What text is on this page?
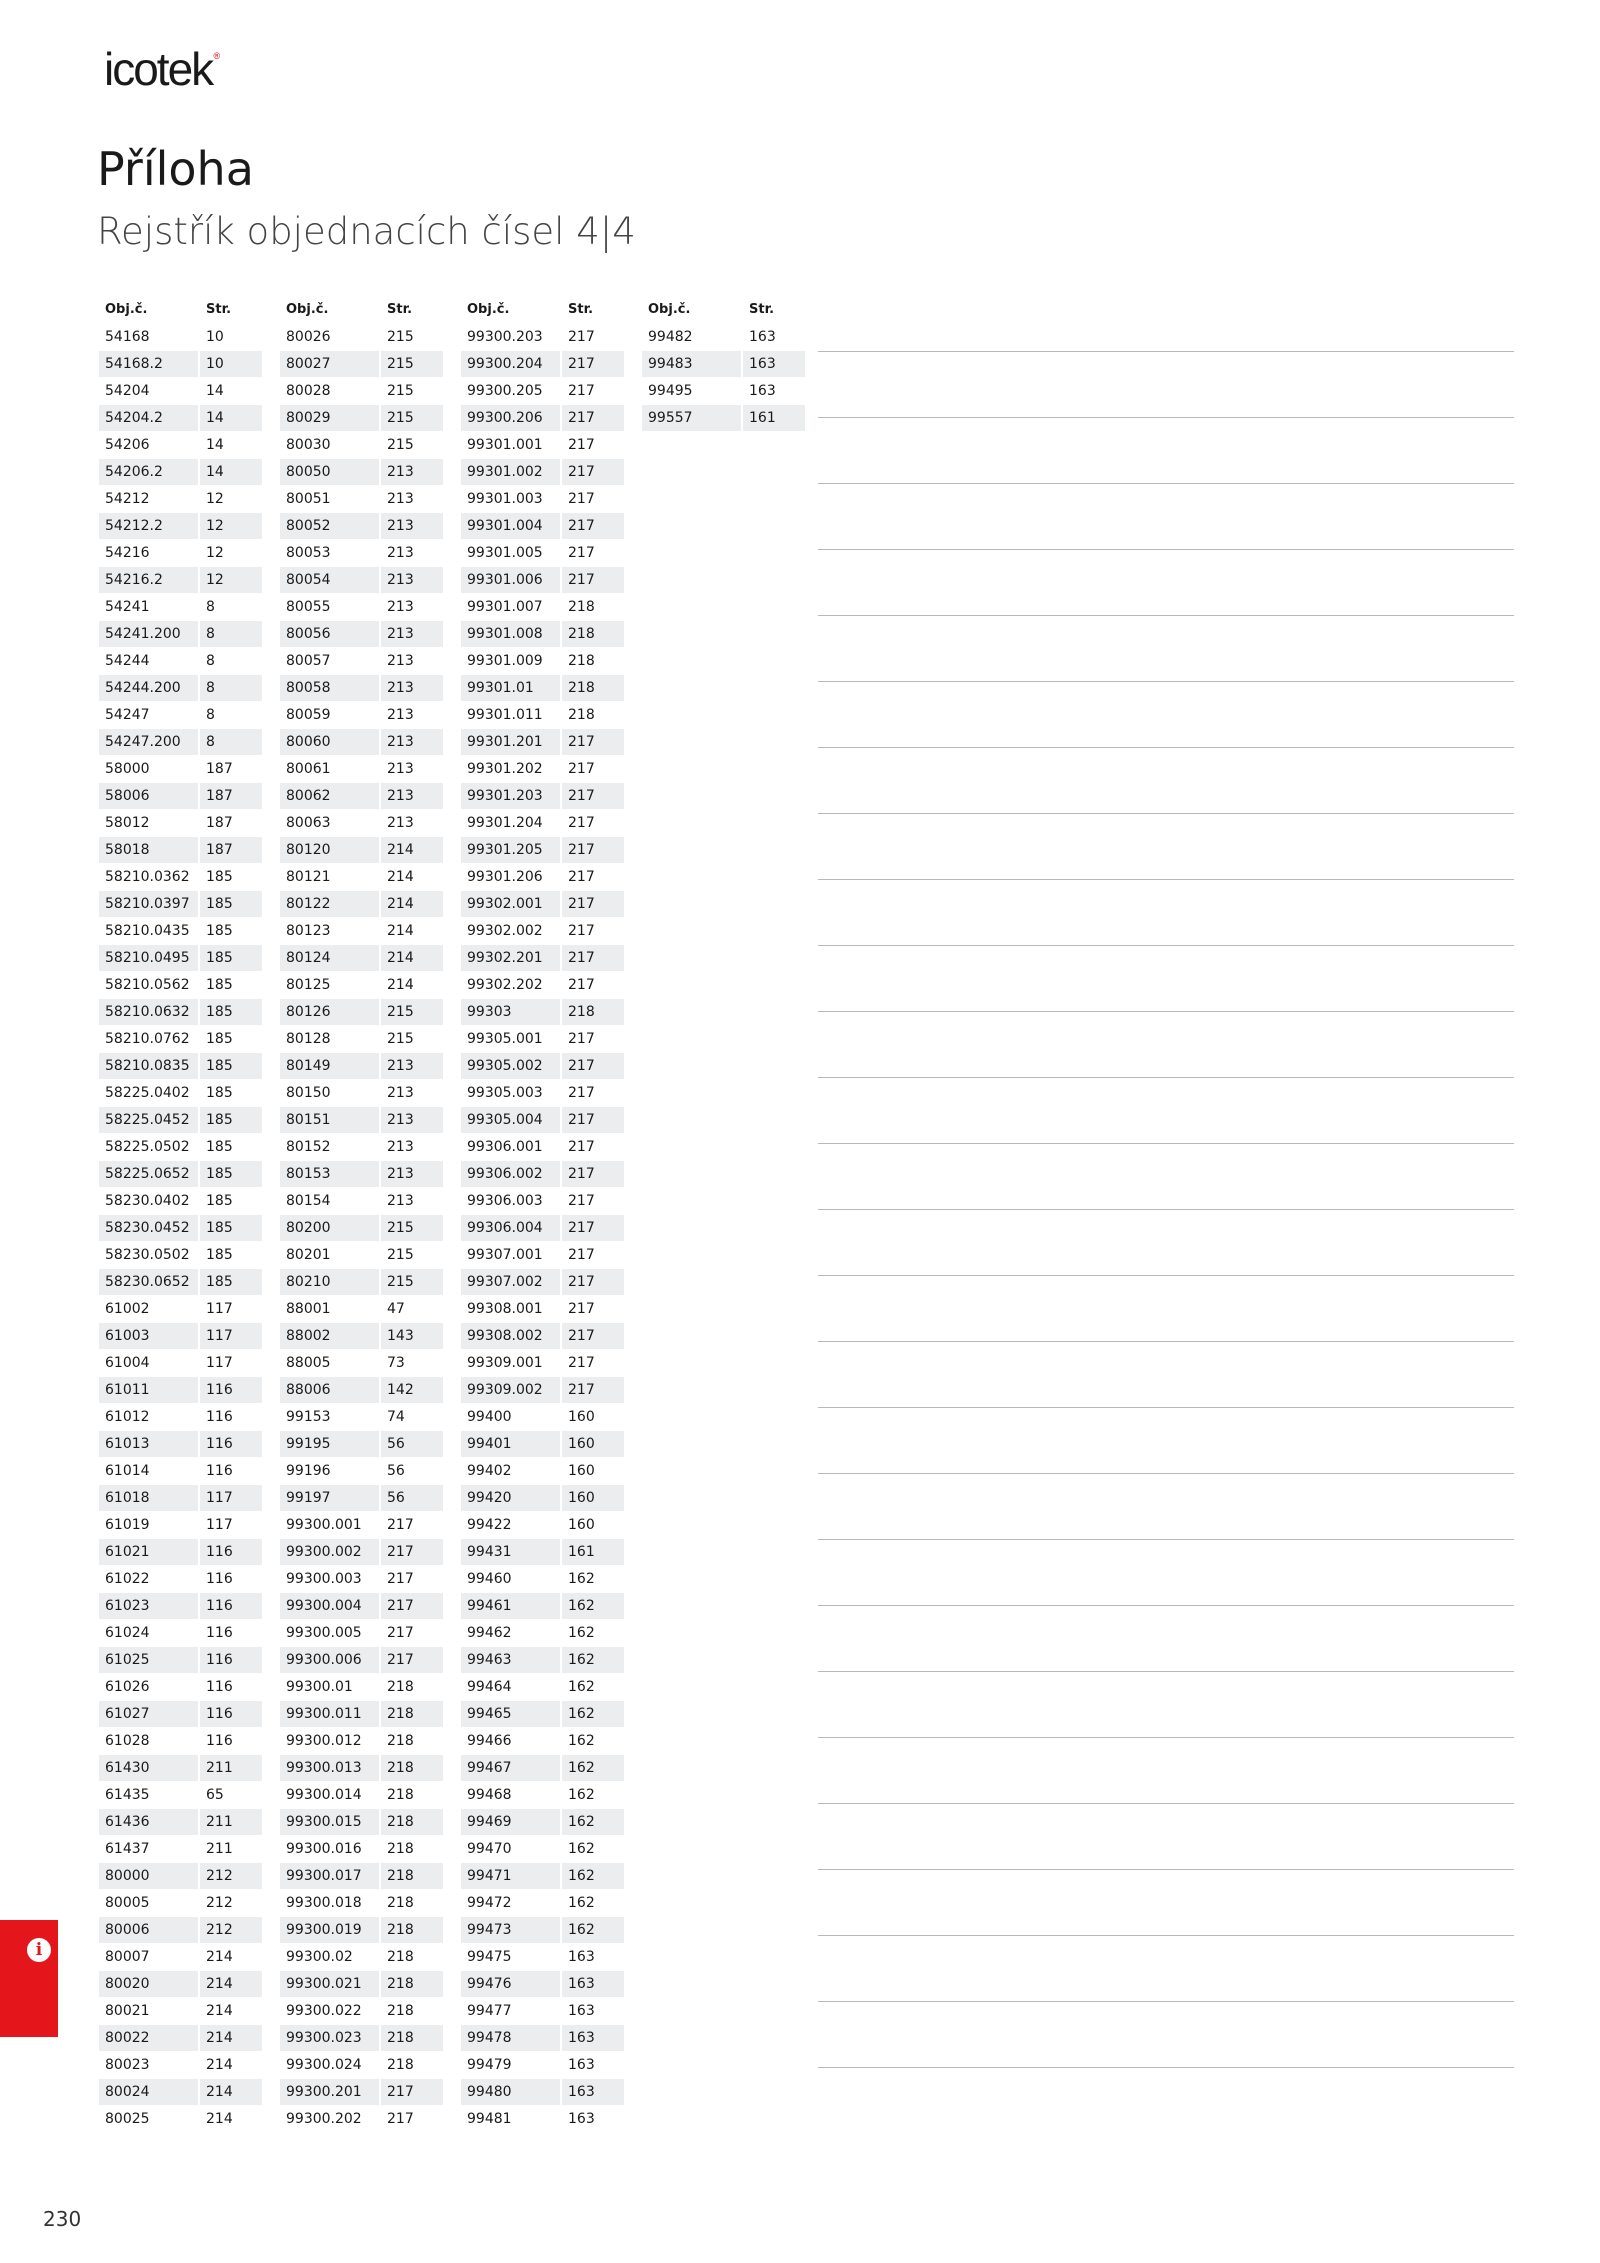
icotek ®
Příloha
Rejstřík objednacích čísel 4|4
Obj.č.	Str.
54168	10
54168.2	10
54204	14
54204.2	14
54206	14
54206.2	14
54212	12
54212.2	12
54216	12
54216.2	12
54241	8
54241.200	8
54244	8
54244.200	8
54247	8
54247.200	8
58000	187
58006	187
58012	187
58018	187
58210.0362	185
58210.0397	185
58210.0435	185
58210.0495	185
58210.0562	185
58210.0632	185
58210.0762	185
58210.0835	185
58225.0402	185
58225.0452	185
58225.0502	185
58225.0652	185
58230.0402	185
58230.0452	185
58230.0502	185
58230.0652	185
61002	117
61003	117
61004	117
61011	116
61012	116
61013	116
61014	116
61018	117
61019	117
61021	116
61022	116
61023	116
61024	116
61025	116
61026	116
61027	116
61028	116
61430	211
61435	65
61436	211
61437	211
80000	212
80005	212
80006	212
80007	214
80020	214
80021	214
80022	214
80023	214
80024	214
80025	214
Obj.č.	Str.
80026	215
80027	215
80028	215
80029	215
80030	215
80050	213
80051	213
80052	213
80053	213
80054	213
80055	213
80056	213
80057	213
80058	213
80059	213
80060	213
80061	213
80062	213
80063	213
80120	214
80121	214
80122	214
80123	214
80124	214
80125	214
80126	215
80128	215
80149	213
80150	213
80151	213
80152	213
80153	213
80154	213
80200	215
80201	215
80210	215
88001	47
88002	143
88005	73
88006	142
99153	74
99195	56
99196	56
99197	56
99300.001	217
99300.002	217
99300.003	217
99300.004	217
99300.005	217
99300.006	217
99300.01	218
99300.011	218
99300.012	218
99300.013	218
99300.014	218
99300.015	218
99300.016	218
99300.017	218
99300.018	218
99300.019	218
99300.02	218
99300.021	218
99300.022	218
99300.023	218
99300.024	218
99300.201	217
99300.202	217
Obj.č.	Str.
99300.203	217
99300.204	217
99300.205	217
99300.206	217
99301.001	217
99301.002	217
99301.003	217
99301.004	217
99301.005	217
99301.006	217
99301.007	218
99301.008	218
99301.009	218
99301.01	218
99301.011	218
99301.201	217
99301.202	217
99301.203	217
99301.204	217
99301.205	217
99301.206	217
99302.001	217
99302.002	217
99302.201	217
99302.202	217
99303	218
99305.001	217
99305.002	217
99305.003	217
99305.004	217
99306.001	217
99306.002	217
99306.003	217
99306.004	217
99307.001	217
99307.002	217
99308.001	217
99308.002	217
99309.001	217
99309.002	217
99400	160
99401	160
99402	160
99420	160
99422	160
99431	161
99460	162
99461	162
99462	162
99463	162
99464	162
99465	162
99466	162
99467	162
99468	162
99469	162
99470	162
99471	162
99472	162
99473	162
99475	163
99476	163
99477	163
99478	163
99479	163
99480	163
99481	163
Obj.č.	Str.
99482	163
99483	163
99495	163
99557	161
i
230
